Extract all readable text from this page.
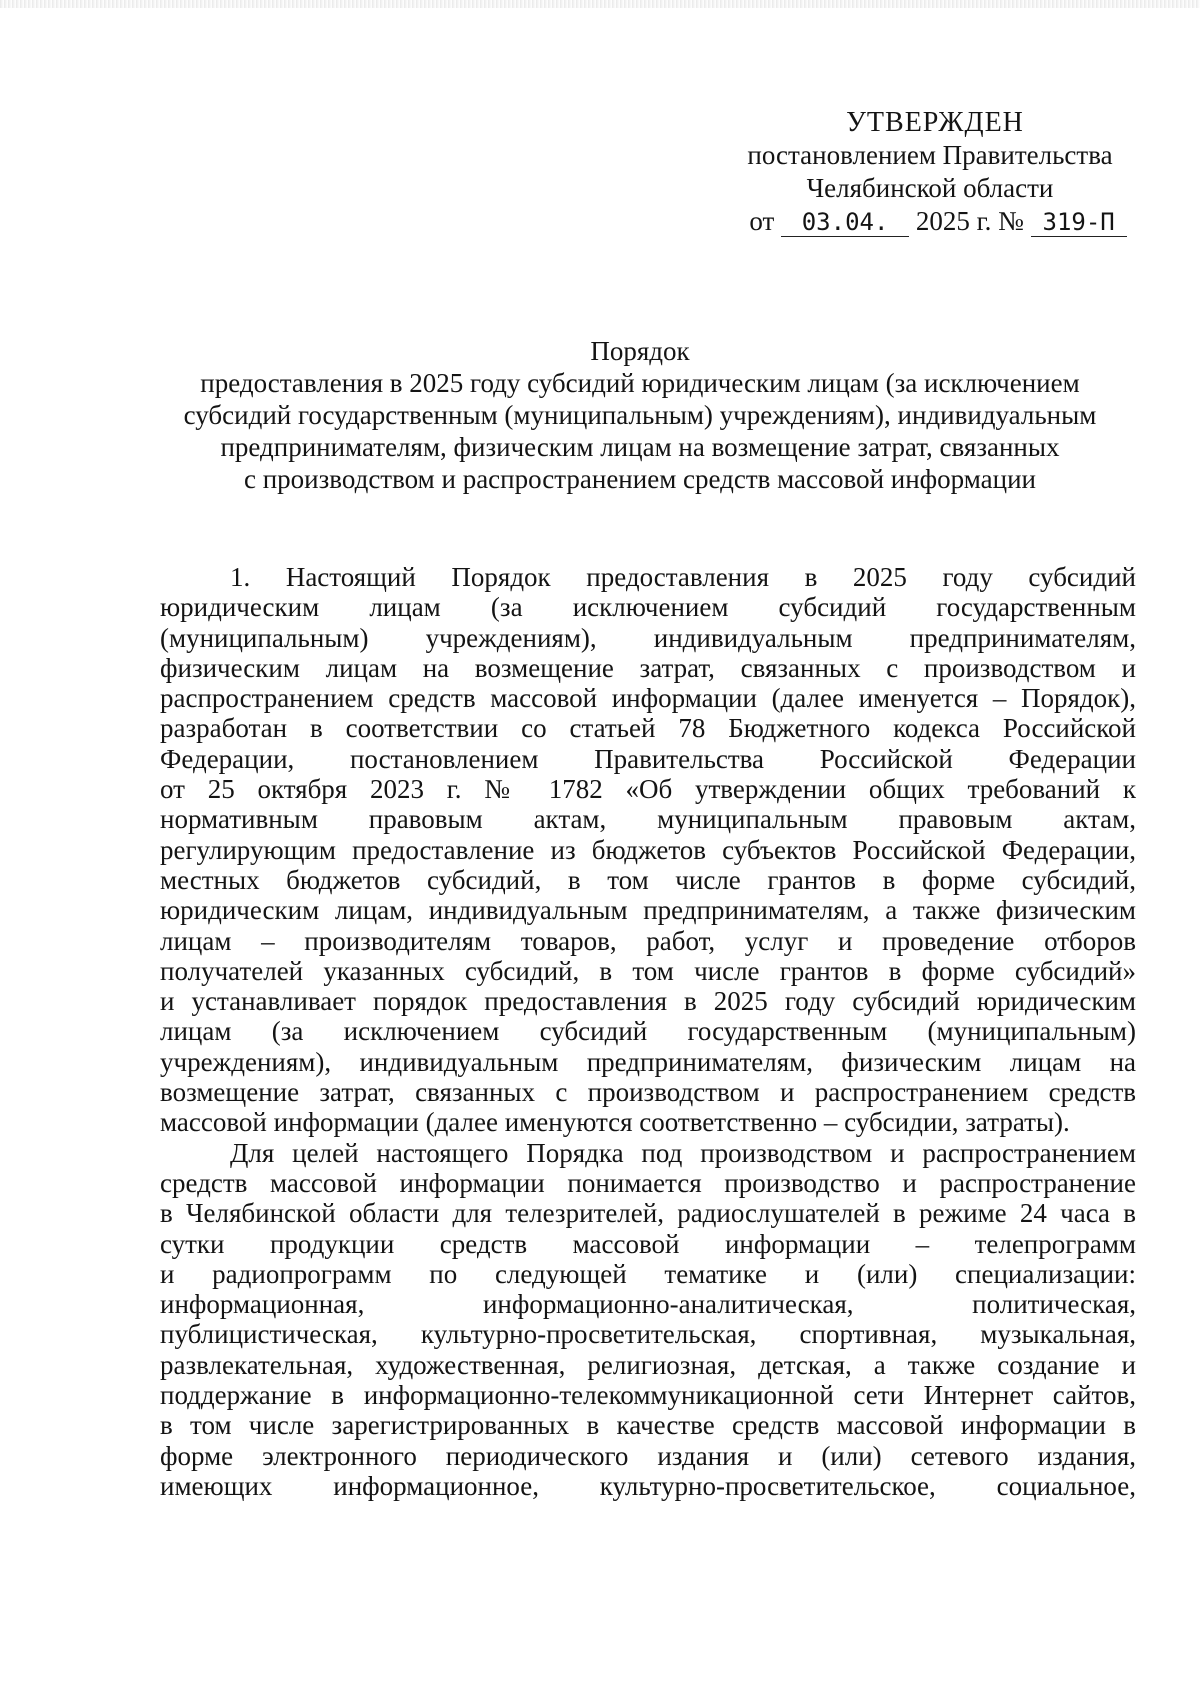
УТВЕРЖДЕН
постановлением Правительства
Челябинской области
от 03.04. 2025 г. № 319-П
Порядок
предоставления в 2025 году субсидий юридическим лицам (за исключением
субсидий государственным (муниципальным) учреждениям), индивидуальным
предпринимателям, физическим лицам на возмещение затрат, связанных
с производством и распространением средств массовой информации
1. Настоящий Порядок предоставления в 2025 году субсидий
юридическим лицам (за исключением субсидий государственным
(муниципальным) учреждениям), индивидуальным предпринимателям,
физическим лицам на возмещение затрат, связанных с производством и
распространением средств массовой информации (далее именуется – Порядок),
разработан в соответствии со статьей 78 Бюджетного кодекса Российской
Федерации, постановлением Правительства Российской Федерации
от 25 октября 2023 г. № 1782 «Об утверждении общих требований к
нормативным правовым актам, муниципальным правовым актам,
регулирующим предоставление из бюджетов субъектов Российской Федерации,
местных бюджетов субсидий, в том числе грантов в форме субсидий,
юридическим лицам, индивидуальным предпринимателям, а также физическим
лицам – производителям товаров, работ, услуг и проведение отборов
получателей указанных субсидий, в том числе грантов в форме субсидий»
и устанавливает порядок предоставления в 2025 году субсидий юридическим
лицам (за исключением субсидий государственным (муниципальным)
учреждениям), индивидуальным предпринимателям, физическим лицам на
возмещение затрат, связанных с производством и распространением средств
массовой информации (далее именуются соответственно – субсидии, затраты).
Для целей настоящего Порядка под производством и распространением
средств массовой информации понимается производство и распространение
в Челябинской области для телезрителей, радиослушателей в режиме 24 часа в
сутки продукции средств массовой информации – телепрограмм
и радиопрограмм по следующей тематике и (или) специализации:
информационная, информационно-аналитическая, политическая,
публицистическая, культурно-просветительская, спортивная, музыкальная,
развлекательная, художественная, религиозная, детская, а также создание и
поддержание в информационно-телекоммуникационной сети Интернет сайтов,
в том числе зарегистрированных в качестве средств массовой информации в
форме электронного периодического издания и (или) сетевого издания,
имеющих информационное, культурно-просветительское, социальное,
